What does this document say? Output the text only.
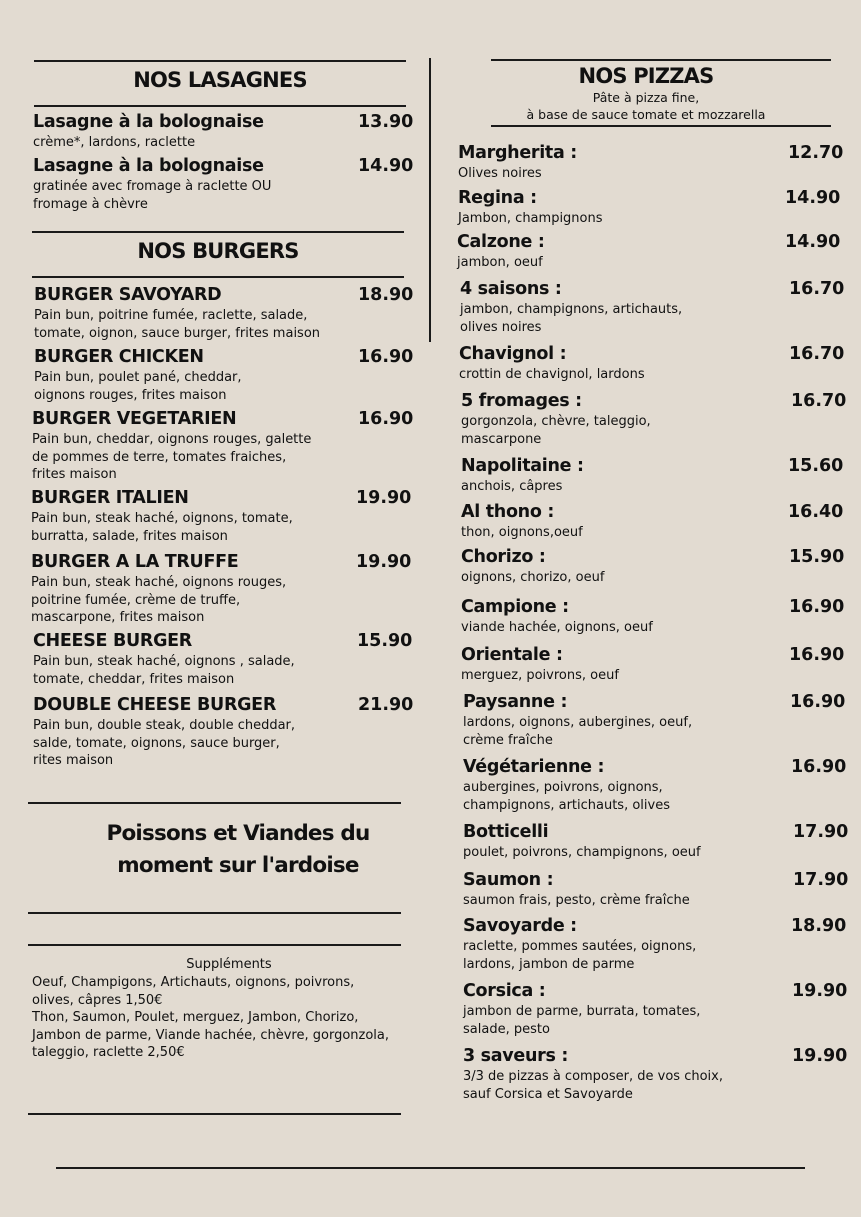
NOS LASAGNES
Lasagne à la bolognaise	13.90
crème*, lardons, raclette
Lasagne à la bolognaise	14.90
gratinée avec fromage à raclette OU
fromage à chèvre
NOS BURGERS
BURGER SAVOYARD	18.90
Pain bun, poitrine fumée, raclette, salade,
tomate, oignon, sauce burger, frites maison
BURGER CHICKEN	16.90
Pain bun, poulet pané, cheddar,
oignons rouges, frites maison
BURGER VEGETARIEN	16.90
Pain bun, cheddar, oignons rouges, galette
de pommes de terre, tomates fraiches,
frites maison
BURGER ITALIEN	19.90
Pain bun, steak haché, oignons, tomate,
burratta, salade, frites maison
BURGER A LA TRUFFE	19.90
Pain bun, steak haché, oignons rouges,
poitrine fumée, crème de truffe,
mascarpone, frites maison
CHEESE BURGER	15.90
Pain bun, steak haché, oignons , salade,
tomate, cheddar, frites maison
DOUBLE CHEESE BURGER	21.90
Pain bun, double steak, double cheddar,
salde, tomate, oignons, sauce burger,
rites maison
Poissons et Viandes du
moment sur l'ardoise
Suppléments
Oeuf, Champigons, Artichauts, oignons, poivrons,
olives, câpres 1,50€
Thon, Saumon, Poulet, merguez, Jambon, Chorizo,
Jambon de parme, Viande hachée, chèvre, gorgonzola,
taleggio, raclette 2,50€
NOS PIZZAS
Pâte à pizza fine,
à base de sauce tomate et mozzarella
Margherita :	12.70
Olives noires
Regina :	14.90
Jambon, champignons
Calzone :	14.90
jambon, oeuf
4 saisons :	16.70
jambon, champignons, artichauts,
olives noires
Chavignol :	16.70
crottin de chavignol, lardons
5 fromages :	16.70
gorgonzola, chèvre, taleggio,
mascarpone
Napolitaine :	15.60
anchois, câpres
Al thono :	16.40
thon, oignons,oeuf
Chorizo :	15.90
oignons, chorizo, oeuf
Campione :	16.90
viande hachée, oignons, oeuf
Orientale :	16.90
merguez, poivrons, oeuf
Paysanne :	16.90
lardons, oignons, aubergines, oeuf,
crème fraîche
Végétarienne :	16.90
aubergines, poivrons, oignons,
champignons, artichauts, olives
Botticelli	17.90
poulet, poivrons, champignons, oeuf
Saumon :	17.90
saumon frais, pesto, crème fraîche
Savoyarde :	18.90
raclette, pommes sautées, oignons,
lardons, jambon de parme
Corsica :	19.90
jambon de parme, burrata, tomates,
salade, pesto
3 saveurs :	19.90
3/3 de pizzas à composer, de vos choix,
sauf Corsica et Savoyarde
